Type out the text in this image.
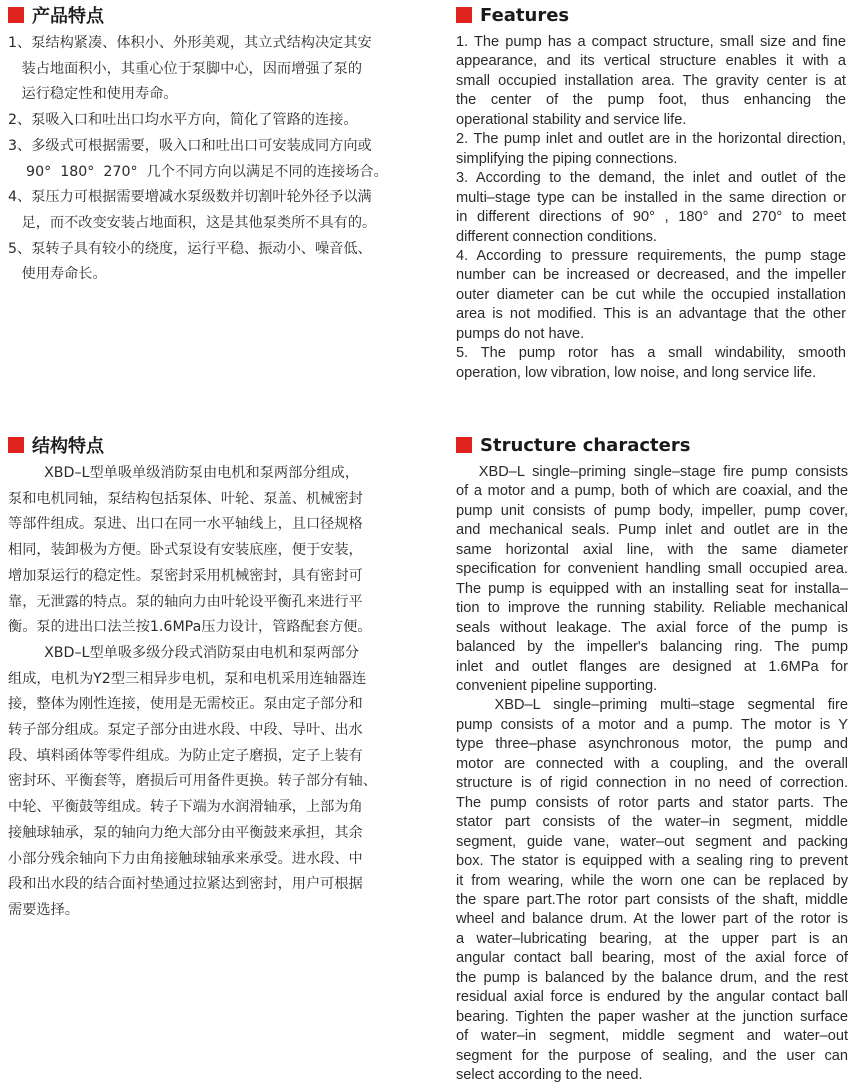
产品特点
1、泵结构紧凑、体积小、外形美观，其立式结构决定其安
装占地面积小，其重心位于泵脚中心，因而增强了泵的
运行稳定性和使用寿命。
2、泵吸入口和吐出口均水平方向，简化了管路的连接。
3、多级式可根据需要，吸入口和吐出口可安装成同方向或
90°  180°  270°  几个不同方向以满足不同的连接场合。
4、泵压力可根据需要增减水泵级数并切割叶轮外径予以满
足，而不改变安装占地面积，这是其他泵类所不具有的。
5、泵转子具有较小的绕度，运行平稳、振动小、噪音低、
使用寿命长。
Features
1. The pump has a compact structure, small size and fine
appearance, and its vertical structure enables it with a
small occupied installation area. The gravity center is at
the center of the pump foot, thus enhancing the
operational stability and service life.
2. The pump inlet and outlet are in the horizontal direction,
simplifying the piping connections.
3. According to the demand, the inlet and outlet of the
multi–stage type can be installed in the same direction or
in different directions of 90° , 180° and 270° to meet
different connection conditions.
4. According to pressure requirements, the pump stage
number can be increased or decreased, and the impeller
outer diameter can be cut while the occupied installation
area is not modified. This is an advantage that the other
pumps do not have.
5. The pump rotor has a small windability, smooth
operation, low vibration, low noise, and long service life.
结构特点
XBD–L型单吸单级消防泵由电机和泵两部分组成，
泵和电机同轴，泵结构包括泵体、叶轮、泵盖、机械密封
等部件组成。泵进、出口在同一水平轴线上，且口径规格
相同，装卸极为方便。卧式泵设有安装底座，便于安装，
增加泵运行的稳定性。泵密封采用机械密封，具有密封可
靠，无泄露的特点。泵的轴向力由叶轮设平衡孔来进行平
衡。泵的进出口法兰按1.6MPa压力设计，管路配套方便。
XBD–L型单吸多级分段式消防泵由电机和泵两部分
组成，电机为Y2型三相异步电机，泵和电机采用连轴器连
接，整体为刚性连接，使用是无需校正。泵由定子部分和
转子部分组成。泵定子部分由进水段、中段、导叶、出水
段、填料函体等零件组成。为防止定子磨损，定子上装有
密封环、平衡套等，磨损后可用备件更换。转子部分有轴、
中轮、平衡鼓等组成。转子下端为水润滑轴承，上部为角
接触球轴承，泵的轴向力绝大部分由平衡鼓来承担，其余
小部分残余轴向下力由角接触球轴承来承受。进水段、中
段和出水段的结合面衬垫通过拉紧达到密封，用户可根据
需要选择。
Structure characters
XBD–L single–priming single–stage fire pump consists
of a motor and a pump, both of which are coaxial, and the
pump unit consists of pump body, impeller, pump cover,
and mechanical seals. Pump inlet and outlet are in the
same horizontal axial line, with the same diameter
specification for convenient handling small occupied area.
The pump is equipped with an installing seat for installa–
tion to improve the running stability. Reliable mechanical
seals without leakage. The axial force of the pump is
balanced by the impeller's balancing ring. The pump
inlet and outlet flanges are designed at 1.6MPa for
convenient pipeline supporting.
XBD–L single–priming multi–stage segmental fire
pump consists of a motor and a pump. The motor is Y
type three–phase asynchronous motor, the pump and
motor are connected with a coupling, and the overall
structure is of rigid connection in no need of correction.
The pump consists of rotor parts and stator parts. The
stator part consists of the water–in segment, middle
segment, guide vane, water–out segment and packing
box. The stator is equipped with a sealing ring to prevent
it from wearing, while the worn one can be replaced by
the spare part.The rotor part consists of the shaft, middle
wheel and balance drum. At the lower part of the rotor is
a water–lubricating bearing, at the upper part is an
angular contact ball bearing, most of the axial force of
the pump is balanced by the balance drum, and the rest
residual axial force is endured by the angular contact ball
bearing. Tighten the paper washer at the junction surface
of water–in segment, middle segment and water–out
segment for the purpose of sealing, and the user can
select according to the need.
